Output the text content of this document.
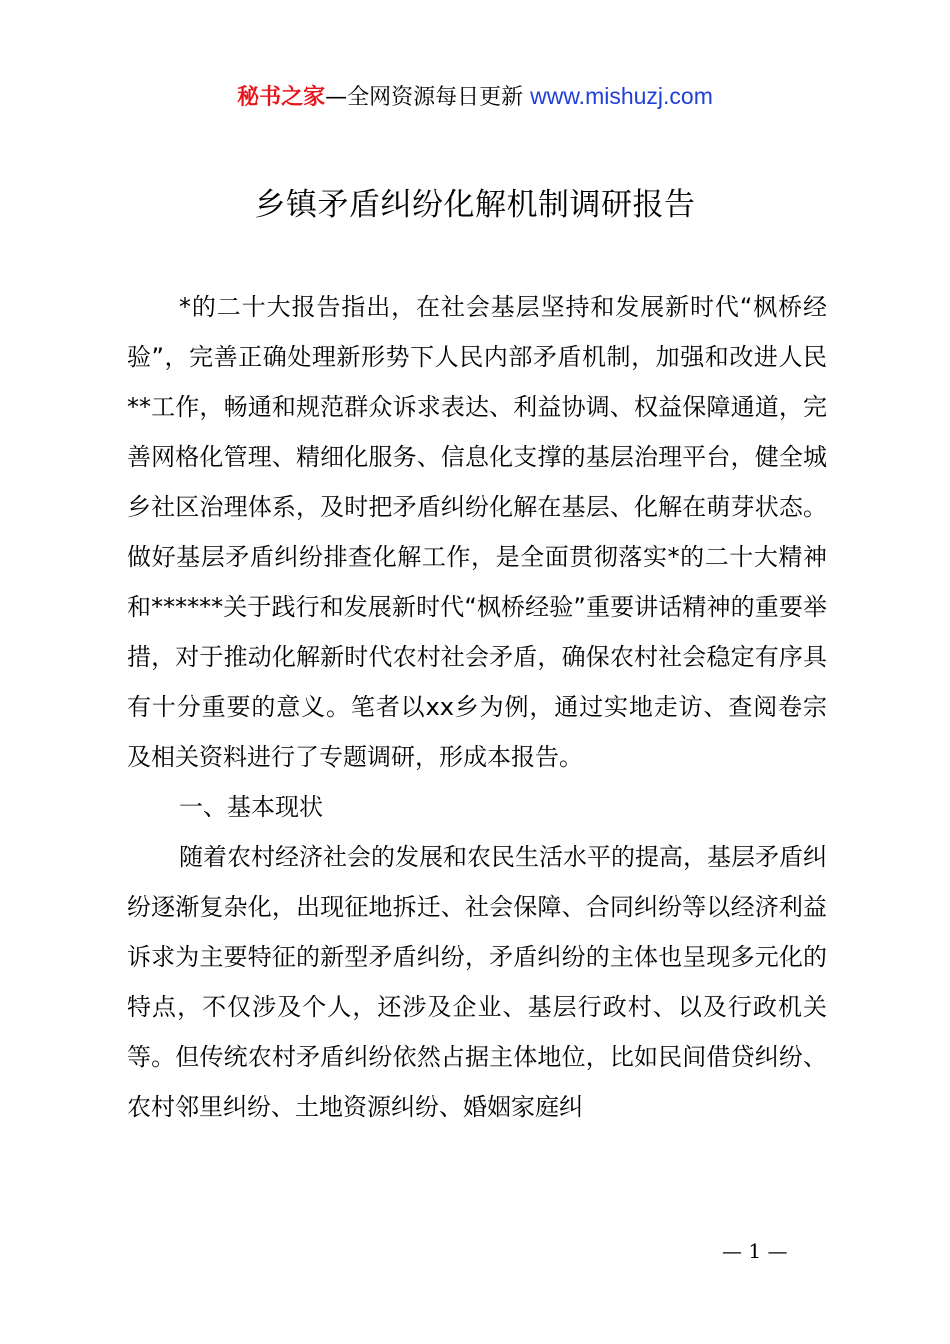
秘书之家—全网资源每日更新 www.mishuzj.com
乡镇矛盾纠纷化解机制调研报告

*的二十大报告指出，在社会基层坚持和发展新时代“枫桥经验”，完善正确处理新形势下人民内部矛盾机制，加强和改进人民**工作，畅通和规范群众诉求表达、利益协调、权益保障通道，完善网格化管理、精细化服务、信息化支撑的基层治理平台，健全城乡社区治理体系，及时把矛盾纠纷化解在基层、化解在萌芽状态。做好基层矛盾纠纷排查化解工作，是全面贯彻落实*的二十大精神和******关于践行和发展新时代“枫桥经验”重要讲话精神的重要举措，对于推动化解新时代农村社会矛盾，确保农村社会稳定有序具有十分重要的意义。笔者以xx乡为例，通过实地走访、查阅卷宗及相关资料进行了专题调研，形成本报告。

一、基本现状

随着农村经济社会的发展和农民生活水平的提高，基层矛盾纠纷逐渐复杂化，出现征地拆迁、社会保障、合同纠纷等以经济利益诉求为主要特征的新型矛盾纠纷，矛盾纠纷的主体也呈现多元化的特点，不仅涉及个人，还涉及企业、基层行政村、以及行政机关等。但传统农村矛盾纠纷依然占据主体地位，比如民间借贷纠纷、农村邻里纠纷、土地资源纠纷、婚姻家庭纠

— 1 —
